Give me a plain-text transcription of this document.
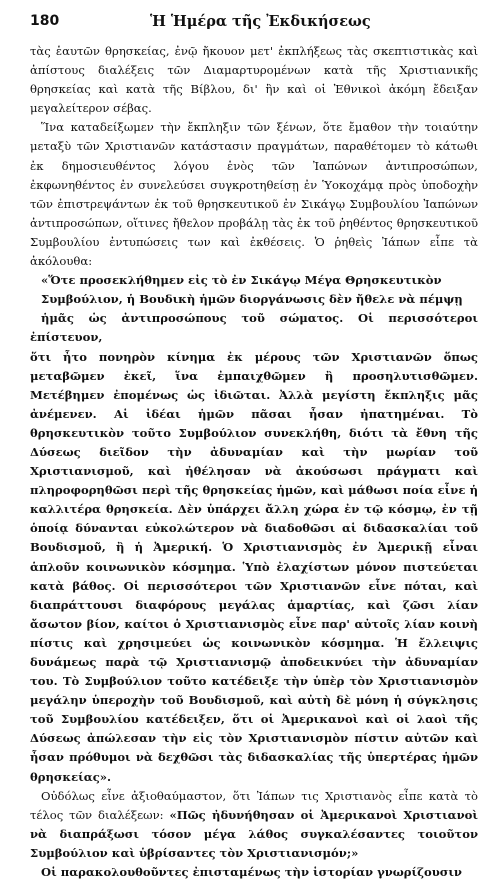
180	Ἡ Ἡμέρα τῆς Ἐκδικήσεως

τὰς ἑαυτῶν θρησκείας, ἐνῷ ἤκουον μετ' ἐκπλήξεως τὰς σκεπτιστικὰς καὶ ἀπίστους διαλέξεις τῶν Διαμαρτυρομένων κατὰ τῆς Χριστιανικῆς θρησκείας καὶ κατὰ τῆς Βίβλου, δι' ἣν καὶ οἱ Ἐθνικοὶ ἀκόμη ἔδειξαν μεγαλείτερον σέβας.

Ἵνα καταδείξωμεν τὴν ἔκπληξιν τῶν ξένων, ὅτε ἔμαθον τὴν τοιαύτην μεταξὺ τῶν Χριστιανῶν κατάστασιν πραγμάτων, παραθέτομεν τὸ κάτωθι ἐκ δημοσιευθέντος λόγου ἑνὸς τῶν Ἰαπώνων ἀντιπροσώπων, ἐκφωνηθέντος ἐν συνελεύσει συγκροτηθείσῃ ἐν Ὑοκοχάμᾳ πρὸς ὑποδοχὴν τῶν ἐπιστρεψάντων ἐκ τοῦ θρησκευτικοῦ ἐν Σικάγῳ Συμβουλίου Ἰαπώνων ἀντιπροσώπων, οἵτινες ἤθελον προβάλῃ τὰς ἐκ τοῦ ῥηθέντος θρησκευτικοῦ Συμβουλίου ἐντυπώσεις των καὶ ἐκθέσεις. Ὁ ῥηθεὶς Ἰάπων εἶπε τὰ ἀκόλουθα:

«Ὅτε προσεκλήθημεν εἰς τὸ ἐν Σικάγῳ Μέγα Θρησκευτικὸν
Συμβούλιον, ἡ Βουδικὴ ἡμῶν διοργάνωσις δὲν ἤθελε νὰ πέμψῃ
ἡμᾶς ὡς ἀντιπροσώπους τοῦ σώματος. Οἱ περισσότεροι ἐπίστευον,
ὅτι ἦτο πονηρὸν κίνημα ἐκ μέρους τῶν Χριστιανῶν ὅπως μεταβῶμεν ἐκεῖ, ἵνα ἐμπαιχθῶμεν ἢ προσηλυτισθῶμεν. Μετέβημεν ἐπομένως ὡς ἰδιῶται. Ἀλλὰ μεγίστη ἔκπληξις μᾶς ἀνέμενεν. Αἱ ἰδέαι ἡμῶν πᾶσαι ἦσαν ἠπατημέναι. Τὸ θρησκευτικὸν τοῦτο Συμβούλιον συνεκλήθη, διότι τὰ ἔθνη τῆς Δύσεως διεῖδον τὴν ἀδυναμίαν καὶ τὴν μωρίαν τοῦ Χριστιανισμοῦ, καὶ ἠθέλησαν νὰ ἀκούσωσι πράγματι καὶ πληροφορηθῶσι περὶ τῆς θρησκείας ἡμῶν, καὶ μάθωσι ποία εἶνε ἡ καλλιτέρα θρησκεία. Δὲν ὑπάρχει ἄλλη χώρα ἐν τῷ κόσμῳ, ἐν τῇ ὁποίᾳ δύνανται εὐκολώτερον νὰ διαδοθῶσι αἱ διδασκαλίαι τοῦ Βουδισμοῦ, ἢ ἡ Ἀμερική. Ὁ Χριστιανισμὸς ἐν Ἀμερικῇ εἶναι ἁπλοῦν κοινωνικὸν κόσμημα. Ὑπὸ ἐλαχίστων μόνον πιστεύεται κατὰ βάθος. Οἱ περισσότεροι τῶν Χριστιανῶν εἶνε πόται, καὶ διαπράττουσι διαφόρους μεγάλας ἁμαρτίας, καὶ ζῶσι λίαν ἄσωτον βίον, καίτοι ὁ Χριστιανισμὸς εἶνε παρ' αὐτοῖς λίαν κοινὴ πίστις καὶ χρησιμεύει ὡς κοινωνικὸν κόσμημα. Ἡ ἔλλειψις δυνάμεως παρὰ τῷ Χριστιανισμῷ ἀποδεικνύει τὴν ἀδυναμίαν του. Τὸ Συμβούλιον τοῦτο κατέδειξε τὴν ὑπὲρ τὸν Χριστιανισμὸν μεγάλην ὑπεροχὴν τοῦ Βουδισμοῦ, καὶ αὐτὴ δὲ μόνη ἡ σύγκλησις τοῦ Συμβουλίου κατέδειξεν, ὅτι οἱ Ἀμερικανοὶ καὶ οἱ λαοὶ τῆς Δύσεως ἀπώλεσαν τὴν εἰς τὸν Χριστιανισμὸν πίστιν αὐτῶν καὶ ἦσαν πρόθυμοι νὰ δεχθῶσι τὰς διδασκαλίας τῆς ὑπερτέρας ἡμῶν θρησκείας».

Οὐδόλως εἶνε ἀξιοθαύμαστον, ὅτι Ἰάπων τις Χριστιανὸς εἶπε κατὰ τὸ τέλος τῶν διαλέξεων: «Πῶς ἠδυνήθησαν οἱ Ἀμερικανοὶ Χριστιανοὶ νὰ διαπράξωσι τόσον μέγα λάθος συγκαλέσαντες τοιοῦτον Συμβούλιον καὶ ὑβρίσαντες τὸν Χριστιανισμόν;»

Οἱ παρακολουθοῦντες ἐπισταμένως τὴν ἱστορίαν γνωρίζουσιν
